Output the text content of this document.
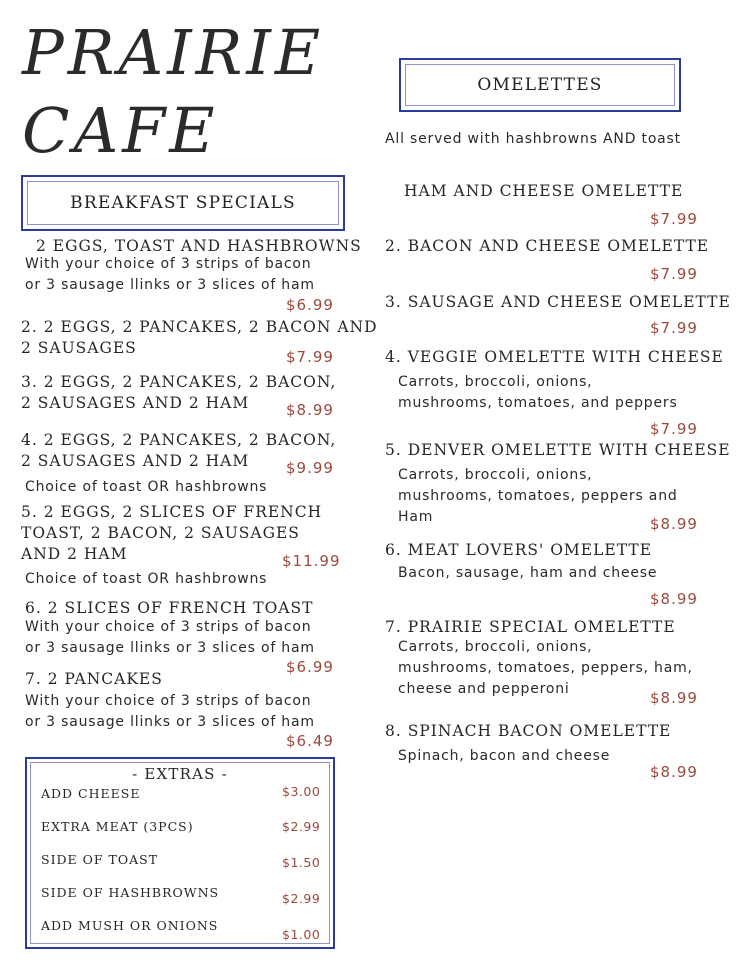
PRAIRIE
CAFE
BREAKFAST SPECIALS
2 EGGS, TOAST AND HASHBROWNS
With your choice of 3 strips of bacon
or 3 sausage llinks or 3 slices of ham
$6.99
2. 2 EGGS, 2 PANCAKES, 2 BACON AND
2 SAUSAGES	$7.99
3. 2 EGGS, 2 PANCAKES, 2 BACON,
2 SAUSAGES AND 2 HAM $8.99
4. 2 EGGS, 2 PANCAKES, 2 BACON,
2 SAUSAGES AND 2 HAM $9.99
Choice of toast OR hashbrowns
5. 2 EGGS, 2 SLICES OF FRENCH
TOAST, 2 BACON, 2 SAUSAGES
AND 2 HAM	$11.99
Choice of toast OR hashbrowns
6. 2 SLICES OF FRENCH TOAST
With your choice of 3 strips of bacon
or 3 sausage llinks or 3 slices of ham
$6.99
7. 2 PANCAKES
With your choice of 3 strips of bacon
or 3 sausage llinks or 3 slices of ham
$6.49
- EXTRAS -
ADD CHEESE	$3.00
EXTRA MEAT (3PCS)	$2.99
SIDE OF TOAST	$1.50
SIDE OF HASHBROWNS	$2.99
ADD MUSH OR ONIONS
$1.00
OMELETTES
All served with hashbrowns AND toast
HAM AND CHEESE OMELETTE
$7.99
2. BACON AND CHEESE OMELETTE
$7.99
3. SAUSAGE AND CHEESE OMELETTE
$7.99
4. VEGGIE OMELETTE WITH CHEESE
Carrots, broccoli, onions,
mushrooms, tomatoes, and peppers
$7.99
5. DENVER OMELETTE WITH CHEESE
Carrots, broccoli, onions,
mushrooms, tomatoes, peppers and
Ham	$8.99
6. MEAT LOVERS' OMELETTE
Bacon, sausage, ham and cheese
$8.99
7. PRAIRIE SPECIAL OMELETTE
Carrots, broccoli, onions,
mushrooms, tomatoes, peppers, ham,
cheese and pepperoni	$8.99
8. SPINACH BACON OMELETTE
Spinach, bacon and cheese
$8.99
